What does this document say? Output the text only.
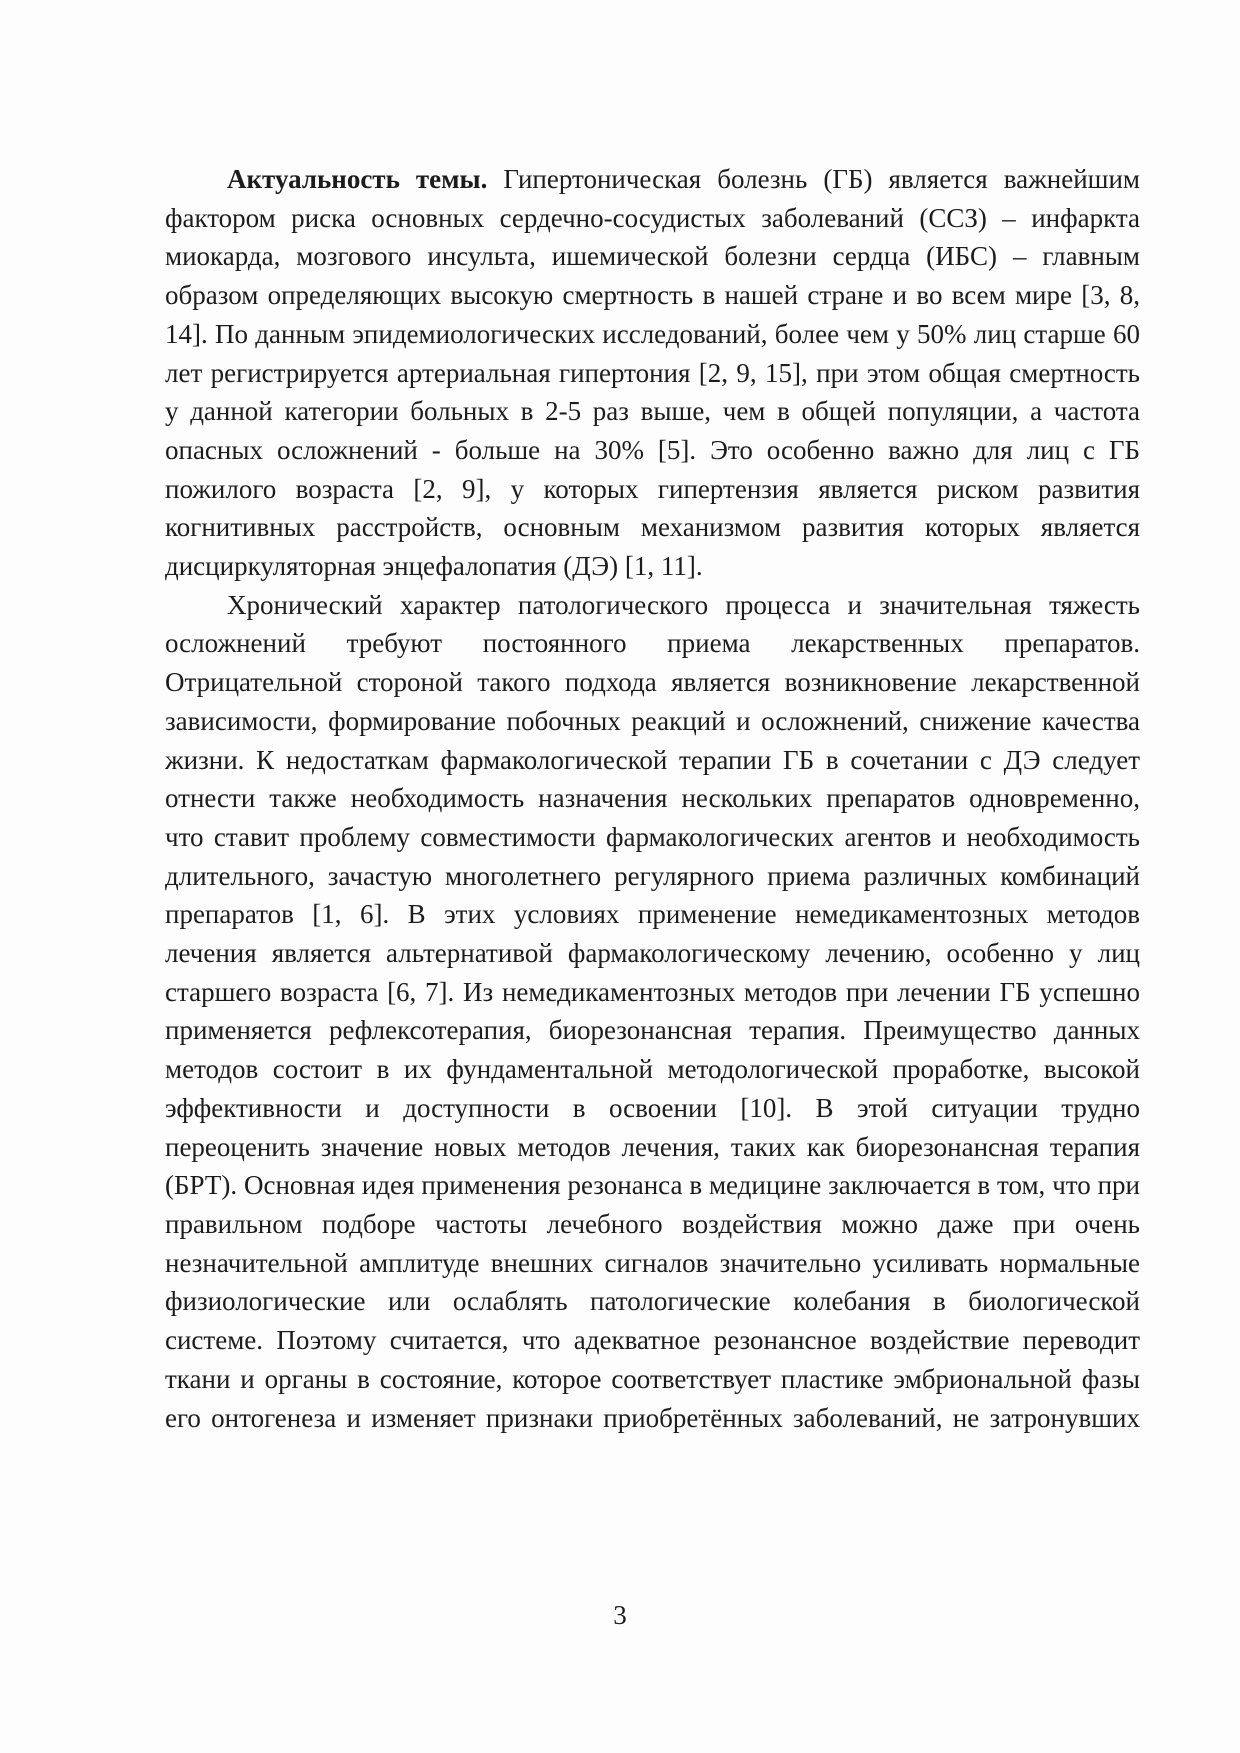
Актуальность темы. Гипертоническая болезнь (ГБ) является важнейшим фактором риска основных сердечно-сосудистых заболеваний (ССЗ) – инфаркта миокарда, мозгового инсульта, ишемической болезни сердца (ИБС) – главным образом определяющих высокую смертность в нашей стране и во всем мире [3, 8, 14]. По данным эпидемиологических исследований, более чем у 50% лиц старше 60 лет регистрируется артериальная гипертония [2, 9, 15], при этом общая смертность у данной категории больных в 2-5 раз выше, чем в общей популяции, а частота опасных осложнений - больше на 30% [5]. Это особенно важно для лиц с ГБ пожилого возраста [2, 9], у которых гипертензия является риском развития когнитивных расстройств, основным механизмом развития которых является дисциркуляторная энцефалопатия (ДЭ) [1, 11].

Хронический характер патологического процесса и значительная тяжесть осложнений требуют постоянного приема лекарственных препаратов. Отрицательной стороной такого подхода является возникновение лекарственной зависимости, формирование побочных реакций и осложнений, снижение качества жизни. К недостаткам фармакологической терапии ГБ в сочетании с ДЭ следует отнести также необходимость назначения нескольких препаратов одновременно, что ставит проблему совместимости фармакологических агентов и необходимость длительного, зачастую многолетнего регулярного приема различных комбинаций препаратов [1, 6]. В этих условиях применение немедикаментозных методов лечения является альтернативой фармакологическому лечению, особенно у лиц старшего возраста [6, 7]. Из немедикаментозных методов при лечении ГБ успешно применяется рефлексотерапия, биорезонансная терапия. Преимущество данных методов состоит в их фундаментальной методологической проработке, высокой эффективности и доступности в освоении [10]. В этой ситуации трудно переоценить значение новых методов лечения, таких как биорезонансная терапия (БРТ). Основная идея применения резонанса в медицине заключается в том, что при правильном подборе частоты лечебного воздействия можно даже при очень незначительной амплитуде внешних сигналов значительно усиливать нормальные физиологические или ослаблять патологические колебания в биологической системе. Поэтому считается, что адекватное резонансное воздействие переводит ткани и органы в состояние, которое соответствует пластике эмбриональной фазы его онтогенеза и изменяет признаки приобретённых заболеваний, не затронувших

3
